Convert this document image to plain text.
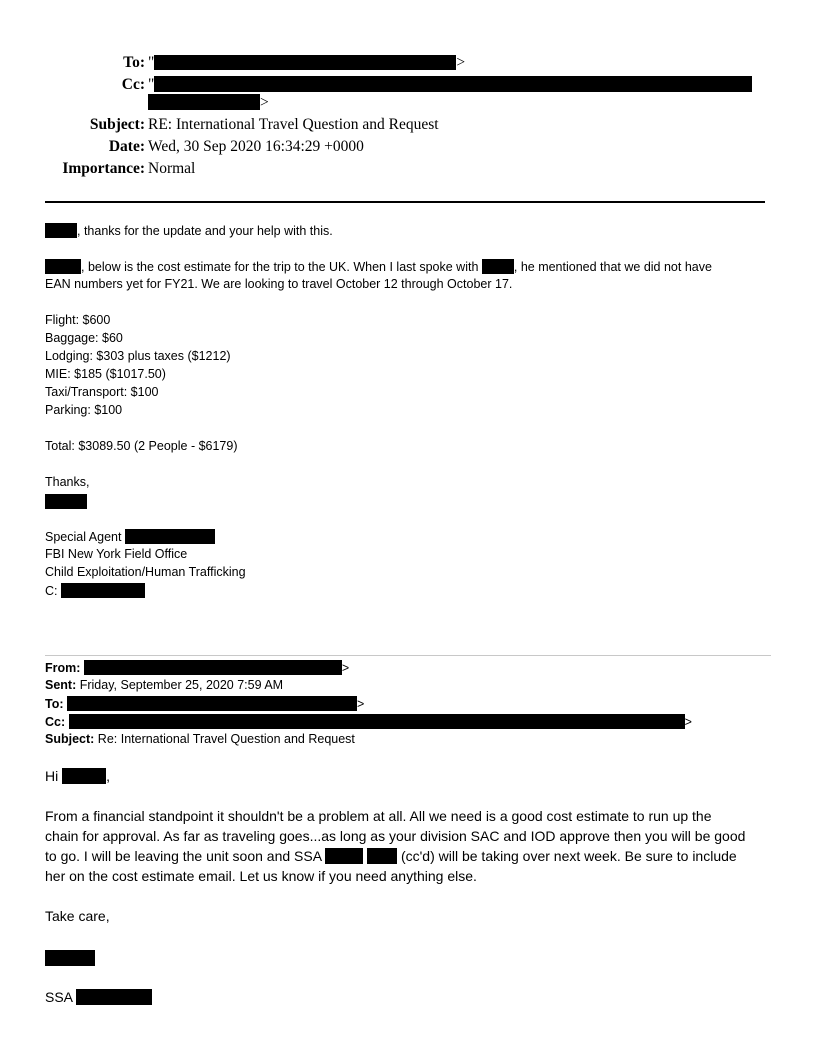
To: "	>
Cc: "
>
Subject: RE: International Travel Question and Request
Date: Wed, 30 Sep 2020 16:34:29 +0000
Importance: Normal
, thanks for the update and your help with this.
, below is the cost estimate for the trip to the UK. When I last spoke with	, he mentioned that we did not have
EAN numbers yet for FY21. We are looking to travel October 12 through October 17.
Flight: $600
Baggage: $60
Lodging: $303 plus taxes ($1212)
MIE: $185 ($1017.50)
Taxi/Transport: $100
Parking: $100
Total: $3089.50 (2 People - $6179)
Thanks,
Special Agent
FBI New York Field Office
Child Exploitation/Human Trafficking
C:
From:	>
Sent: Friday, September 25, 2020 7:59 AM
To:	>
Cc:	>
Subject: Re: International Travel Question and Request
Hi	,
From a financial standpoint it shouldn't be a problem at all. All we need is a good cost estimate to run up the
chain for approval. As far as traveling goes...as long as your division SAC and IOD approve then you will be good
to go. I will be leaving the unit soon and SSA	(cc'd) will be taking over next week. Be sure to include
her on the cost estimate email. Let us know if you need anything else.
Take care,
SSA
